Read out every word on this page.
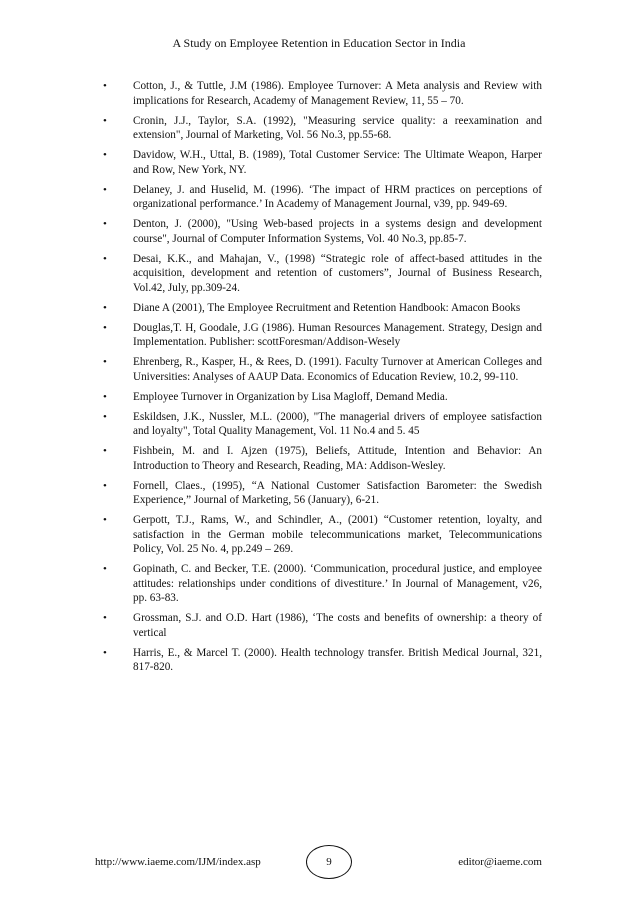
A Study on Employee Retention in Education Sector in India
• Cotton, J., & Tuttle, J.M (1986). Employee Turnover: A Meta analysis and Review with implications for Research, Academy of Management Review, 11, 55 – 70.
• Cronin, J.J., Taylor, S.A. (1992), "Measuring service quality: a reexamination and extension", Journal of Marketing, Vol. 56 No.3, pp.55-68.
• Davidow, W.H., Uttal, B. (1989), Total Customer Service: The Ultimate Weapon, Harper and Row, New York, NY.
• Delaney, J. and Huselid, M. (1996). ‘The impact of HRM practices on perceptions of organizational performance.’ In Academy of Management Journal, v39, pp. 949-69.
• Denton, J. (2000), "Using Web-based projects in a systems design and development course", Journal of Computer Information Systems, Vol. 40 No.3, pp.85-7.
• Desai, K.K., and Mahajan, V., (1998) “Strategic role of affect-based attitudes in the acquisition, development and retention of customers”, Journal of Business Research, Vol.42, July, pp.309-24.
• Diane A (2001), The Employee Recruitment and Retention Handbook: Amacon Books
• Douglas,T. H, Goodale, J.G (1986). Human Resources Management. Strategy, Design and Implementation. Publisher: scottForesman/Addison-Wesely
• Ehrenberg, R., Kasper, H., & Rees, D. (1991). Faculty Turnover at American Colleges and Universities: Analyses of AAUP Data. Economics of Education Review, 10.2, 99-110.
• Employee Turnover in Organization by Lisa Magloff, Demand Media.
• Eskildsen, J.K., Nussler, M.L. (2000), "The managerial drivers of employee satisfaction and loyalty", Total Quality Management, Vol. 11 No.4 and 5. 45
• Fishbein, M. and I. Ajzen (1975), Beliefs, Attitude, Intention and Behavior: An Introduction to Theory and Research, Reading, MA: Addison-Wesley.
• Fornell, Claes., (1995), “A National Customer Satisfaction Barometer: the Swedish Experience,” Journal of Marketing, 56 (January), 6-21.
• Gerpott, T.J., Rams, W., and Schindler, A., (2001) “Customer retention, loyalty, and satisfaction in the German mobile telecommunications market, Telecommunications Policy, Vol. 25 No. 4, pp.249 – 269.
• Gopinath, C. and Becker, T.E. (2000). ‘Communication, procedural justice, and employee attitudes: relationships under conditions of divestiture.’ In Journal of Management, v26, pp. 63-83.
• Grossman, S.J. and O.D. Hart (1986), ‘The costs and benefits of ownership: a theory of vertical
• Harris, E., & Marcel T. (2000). Health technology transfer. British Medical Journal, 321, 817-820.
http://www.iaeme.com/IJM/index.asp	9	editor@iaeme.com
